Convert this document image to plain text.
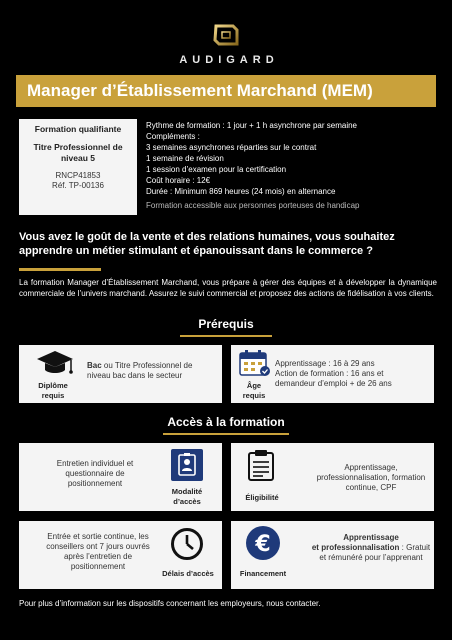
AUDIGARD
Manager d’Établissement Marchand (MEM)
Formation qualifiante
Titre Professionnel de
niveau 5
RNCP41853
Réf. TP-00136
Rythme de formation : 1 jour + 1 h asynchrone par semaine
Compléments :
3 semaines asynchrones réparties sur le contrat
1 semaine de révision
1 session d’examen pour la certification
Coût horaire : 12€
Durée : Minimum 869 heures (24 mois) en alternance
Formation accessible aux personnes porteuses de handicap
Vous avez le goût de la vente et des relations humaines, vous souhaitez apprendre un métier stimulant et épanouissant dans le commerce ?
La formation Manager d’Établissement Marchand, vous prépare à gérer des équipes et à développer la dynamique commerciale de l’univers marchand. Assurez le suivi commercial et proposez des actions de fidélisation à vos clients.
Prérequis
Diplôme
requis
Bac ou Titre Professionnel de niveau bac dans le secteur
Âge
requis
Apprentissage : 16 à 29 ans
Action de formation : 16 ans et
demandeur d’emploi + de 26 ans
Accès à la formation
Entretien individuel et questionnaire de positionnement
Modalité
d’accès	Éligibilité
Apprentissage, professionnalisation, formation continue, CPF
Entrée et sortie continue, les conseillers ont 7 jours ouvrés après l’entretien de positionnement
Délais d’accès
€
Financement
Apprentissage
et professionnalisation : Gratuit et rémunéré pour l’apprenant
Pour plus d’information sur les dispositifs concernant les employeurs, nous contacter.
